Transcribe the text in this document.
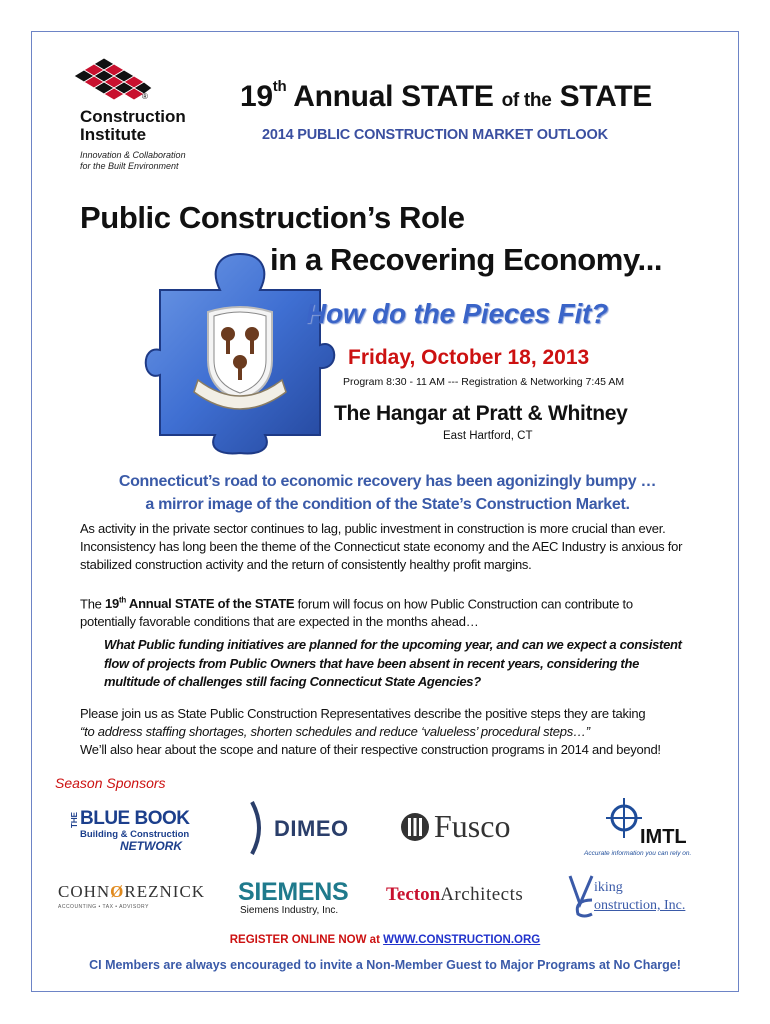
®
Construction
Institute
Innovation & Collaboration
for the Built Environment
19th Annual STATE of the STATE
2014 PUBLIC CONSTRUCTION MARKET OUTLOOK
Public Construction’s Role
in a Recovering Economy...
How do the Pieces Fit?
Friday, October 18, 2013
Program 8:30 - 11 AM --- Registration & Networking 7:45 AM
The Hangar at Pratt & Whitney
East Hartford, CT
Connecticut’s road to economic recovery has been agonizingly bumpy …
a mirror image of the condition of the State’s Construction Market.
As activity in the private sector continues to lag, public investment in construction is more crucial than ever. Inconsistency has long been the theme of the Connecticut state economy and the AEC Industry is anxious for stabilized construction activity and the return of consistently healthy profit margins.
The 19th Annual STATE of the STATE forum will focus on how Public Construction can contribute to potentially favorable conditions that are expected in the months ahead…
What Public funding initiatives are planned for the upcoming year, and can we expect a consistent flow of projects from Public Owners that have been absent in recent years, considering the multitude of challenges still facing Connecticut State Agencies?
Please join us as State Public Construction Representatives describe the positive steps they are taking
“to address staffing shortages, shorten schedules and reduce ‘valueless’ procedural steps…”
We’ll also hear about the scope and nature of their respective construction programs in 2014 and beyond!
Season Sponsors
THE BLUE BOOK
Building & Construction
NETWORK
DIMEO	Fusco	IMTL
Accurate information you can rely on.
COHNØREZNICK
ACCOUNTING • TAX • ADVISORY
SIEMENS
Siemens Industry, Inc.
TectonArchitects	iking
onstruction, Inc.
REGISTER ONLINE NOW at WWW.CONSTRUCTION.ORG
CI Members are always encouraged to invite a Non-Member Guest to Major Programs at No Charge!
